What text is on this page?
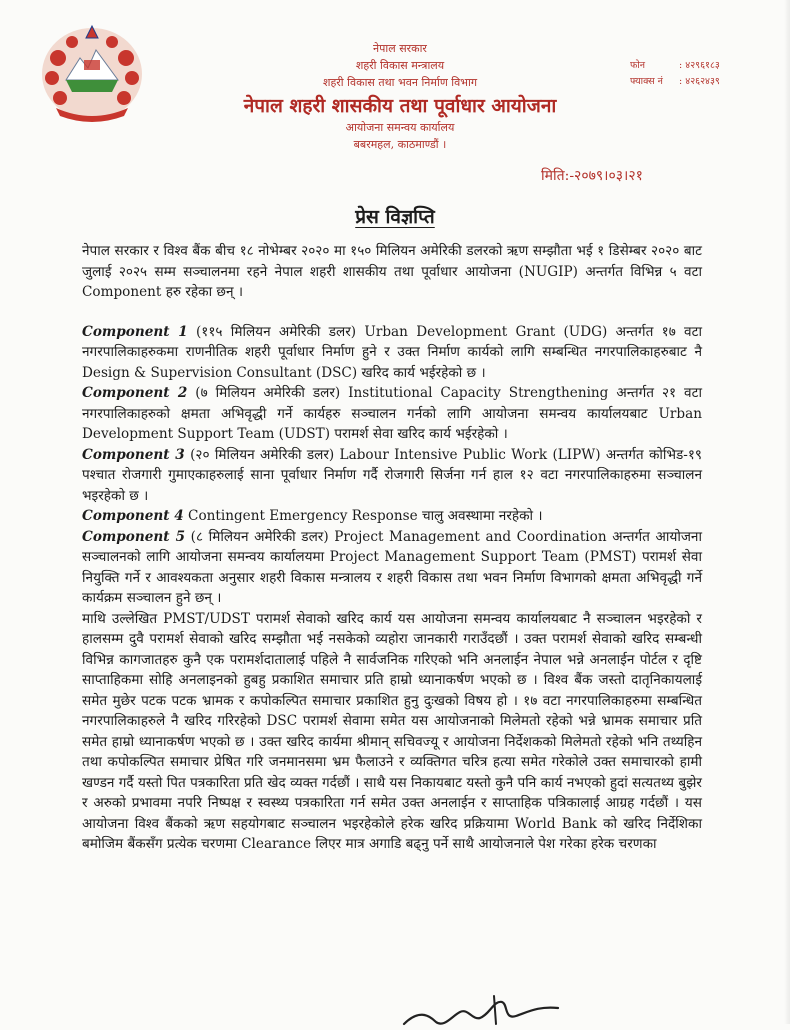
नेपाल सरकार
शहरी विकास मन्त्रालय
शहरी विकास तथा भवन निर्माण विभाग
नेपाल शहरी शासकीय तथा पूर्वाधार आयोजना
आयोजना समन्वय कार्यालय
बबरमहल, काठमाण्डौं ।
फोन	: ४२९६१८३
फ्याक्स नं : ४२६२४३९
मिति:-२०७९।०३।२१
प्रेस विज्ञप्ति

नेपाल सरकार र विश्व बैंक बीच १८ नोभेम्बर २०२० मा १५० मिलियन अमेरिकी डलरको ऋण सम्झौता भई १ डिसेम्बर २०२० बाट जुलाई २०२५ सम्म सञ्चालनमा रहने नेपाल शहरी शासकीय तथा पूर्वाधार आयोजना (NUGIP) अन्तर्गत विभिन्न ५ वटा Component हरु रहेका छन् ।

Component 1 (११५ मिलियन अमेरिकी डलर) Urban Development Grant (UDG) अन्तर्गत १७ वटा नगरपालिकाहरुकमा राणनीतिक शहरी पूर्वाधार निर्माण हुने र उक्त निर्माण कार्यको लागि सम्बन्धित नगरपालिकाहरुबाट नै Design & Supervision Consultant (DSC) खरिद कार्य भईरहेको छ ।

Component 2 (७ मिलियन अमेरिकी डलर) Institutional Capacity Strengthening अन्तर्गत २१ वटा नगरपालिकाहरुको क्षमता अभिवृद्धी गर्ने कार्यहरु सञ्चालन गर्नको लागि आयोजना समन्वय कार्यालयबाट Urban Development Support Team (UDST) परामर्श सेवा खरिद कार्य भईरहेको ।

Component 3 (२० मिलियन अमेरिकी डलर) Labour Intensive Public Work (LIPW) अन्तर्गत कोभिड-१९ पश्चात रोजगारी गुमाएकाहरुलाई साना पूर्वाधार निर्माण गर्दै रोजगारी सिर्जना गर्न हाल १२ वटा नगरपालिकाहरुमा सञ्चालन भइरहेको छ ।

Component 4 Contingent Emergency Response चालु अवस्थामा नरहेको ।

Component 5 (८ मिलियन अमेरिकी डलर) Project Management and Coordination अन्तर्गत आयोजना सञ्चालनको लागि आयोजना समन्वय कार्यालयमा Project Management Support Team (PMST) परामर्श सेवा नियुक्ति गर्ने र आवश्यकता अनुसार शहरी विकास मन्त्रालय र शहरी विकास तथा भवन निर्माण विभागको क्षमता अभिवृद्धी गर्ने कार्यक्रम सञ्चालन हुने छन् ।

माथि उल्लेखित PMST/UDST परामर्श सेवाको खरिद कार्य यस आयोजना समन्वय कार्यालयबाट नै सञ्चालन भइरहेको र हालसम्म दुवै परामर्श सेवाको खरिद सम्झौता भई नसकेको व्यहोरा जानकारी गराउँदछौं । उक्त परामर्श सेवाको खरिद सम्बन्धी विभिन्न कागजातहरु कुनै एक परामर्शदातालाई पहिले नै सार्वजनिक गरिएको भनि अनलाईन नेपाल भन्ने अनलाईन पोर्टल र दृष्टि साप्ताहिकमा सोहि अनलाइनको हुबहु प्रकाशित समाचार प्रति हाम्रो ध्यानाकर्षण भएको छ । विश्व बैंक जस्तो दातृनिकायलाई समेत मुछेर पटक पटक भ्रामक र कपोकल्पित समाचार प्रकाशित हुनु दुःखको विषय हो । १७ वटा नगरपालिकाहरुमा सम्बन्धित नगरपालिकाहरुले नै खरिद गरिरहेको DSC परामर्श सेवामा समेत यस आयोजनाको मिलेमतो रहेको भन्ने भ्रामक समाचार प्रति समेत हाम्रो ध्यानाकर्षण भएको छ । उक्त खरिद कार्यमा श्रीमान् सचिवज्यू र आयोजना निर्देशकको मिलेमतो रहेको भनि तथ्यहिन तथा कपोकल्पित समाचार प्रेषित गरि जनमानसमा भ्रम फैलाउने र व्यक्तिगत चरित्र हत्या समेत गरेकोले उक्त समाचारको हामी खण्डन गर्दै यस्तो पित पत्रकारिता प्रति खेद व्यक्त गर्दछौं । साथै यस निकायबाट यस्तो कुनै पनि कार्य नभएको हुदां सत्यतथ्य बुझेर र अरुको प्रभावमा नपरि निष्पक्ष र स्वस्थ्य पत्रकारिता गर्न समेत उक्त अनलाईन र साप्ताहिक पत्रिकालाई आग्रह गर्दछौं । यस आयोजना विश्व बैंकको ऋण सहयोगबाट सञ्चालन भइरहेकोले हरेक खरिद प्रक्रियामा World Bank को खरिद निर्देशिका बमोजिम बैंकसँग प्रत्येक चरणमा Clearance लिएर मात्र अगाडि बढ्नु पर्ने साथै आयोजनाले पेश गरेका हरेक चरणका
